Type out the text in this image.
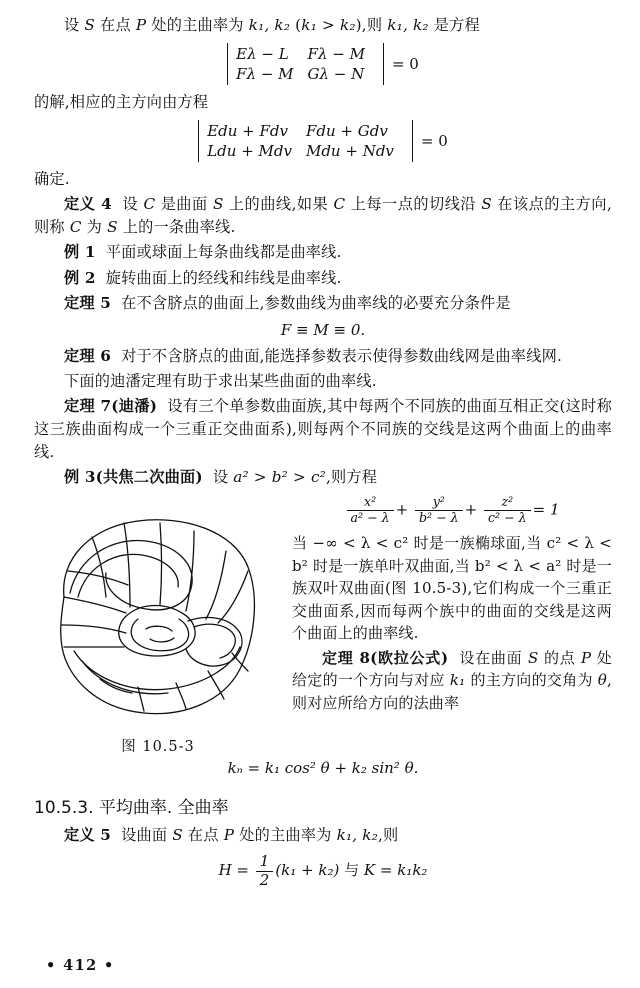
设 S 在点 P 处的主曲率为 k₁, k₂ (k₁ > k₂),则 k₁, k₂ 是方程

Eλ − L	Fλ − M
Fλ − M	Gλ − N
= 0

的解,相应的主方向由方程

Edu + Fdv	Fdu + Gdv
Ldu + Mdv	Mdu + Ndv
= 0

确定.

定义 4 设 C 是曲面 S 上的曲线,如果 C 上每一点的切线沿 S 在该点的主方向,则称 C 为 S 上的一条曲率线.

例 1 平面或球面上每条曲线都是曲率线.

例 2 旋转曲面上的经线和纬线是曲率线.

定理 5 在不含脐点的曲面上,参数曲线为曲率线的必要充分条件是

F ≡ M ≡ 0.

定理 6 对于不含脐点的曲面,能选择参数表示使得参数曲线网是曲率线网.

下面的迪潘定理有助于求出某些曲面的曲率线.

定理 7(迪潘) 设有三个单参数曲面族,其中每两个不同族的曲面互相正交(这时称这三族曲面构成一个三重正交曲面系),则每两个不同族的交线是这两个曲面上的曲率线.

例 3(共焦二次曲面) 设 a² > b² > c²,则方程

图 10.5-3
$\frac{\text{x²}}{\text{a² − λ}} + \frac{\text{y²}}{\text{b² − λ}} + \frac{\text{z²}}{\text{c² − λ}} = 1$

当 −∞ < λ < c² 时是一族椭球面,当 c² < λ < b² 时是一族单叶双曲面,当 b² < λ < a² 时是一族双叶双曲面(图 10.5-3),它们构成一个三重正交曲面系,因而每两个族中的曲面的交线是这两个曲面上的曲率线.

定理 8(欧拉公式) 设在曲面 S 的点 P 处给定的一个方向与对应 k₁ 的主方向的交角为 θ,则对应所给方向的法曲率

kₙ = k₁ cos² θ + k₂ sin² θ.
10.5.3. 平均曲率. 全曲率

定义 5 设曲面 S 在点 P 处的主曲率为 k₁, k₂,则

$H = \frac{1}{2} (k_1 + k_2)$ 与 K = k₁k₂
• 412 •
